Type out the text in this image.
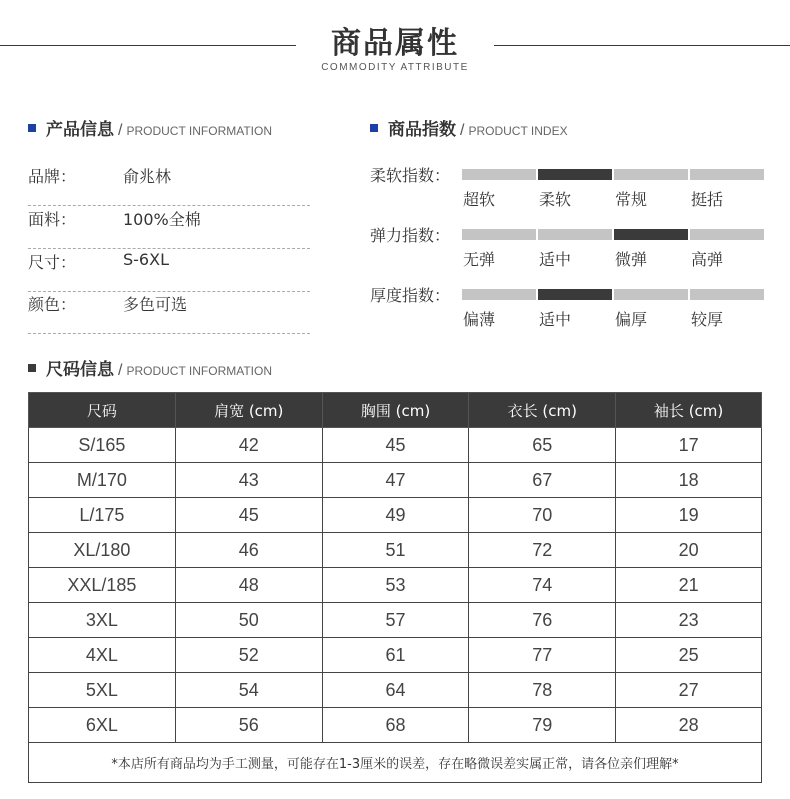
商品属性
COMMODITY ATTRIBUTE
产品信息 / PRODUCT INFORMATION
品牌：	俞兆林
面料：	100%全棉
尺寸：	S-6XL
颜色：	多色可选
商品指数 / PRODUCT INDEX
柔软指数：
超软	柔软	常规	挺括
弹力指数：
无弹	适中	微弹	高弹
厚度指数：
偏薄	适中	偏厚	较厚
尺码信息 / PRODUCT INFORMATION
尺码	肩宽 (cm)	胸围 (cm)	衣长 (cm)	袖长 (cm)
S/165	42	45	65	17
M/170	43	47	67	18
L/175	45	49	70	19
XL/180	46	51	72	20
XXL/185	48	53	74	21
3XL	50	57	76	23
4XL	52	61	77	25
5XL	54	64	78	27
6XL	56	68	79	28
*本店所有商品均为手工测量，可能存在1-3厘米的误差，存在略微误差实属正常，请各位亲们理解*				
